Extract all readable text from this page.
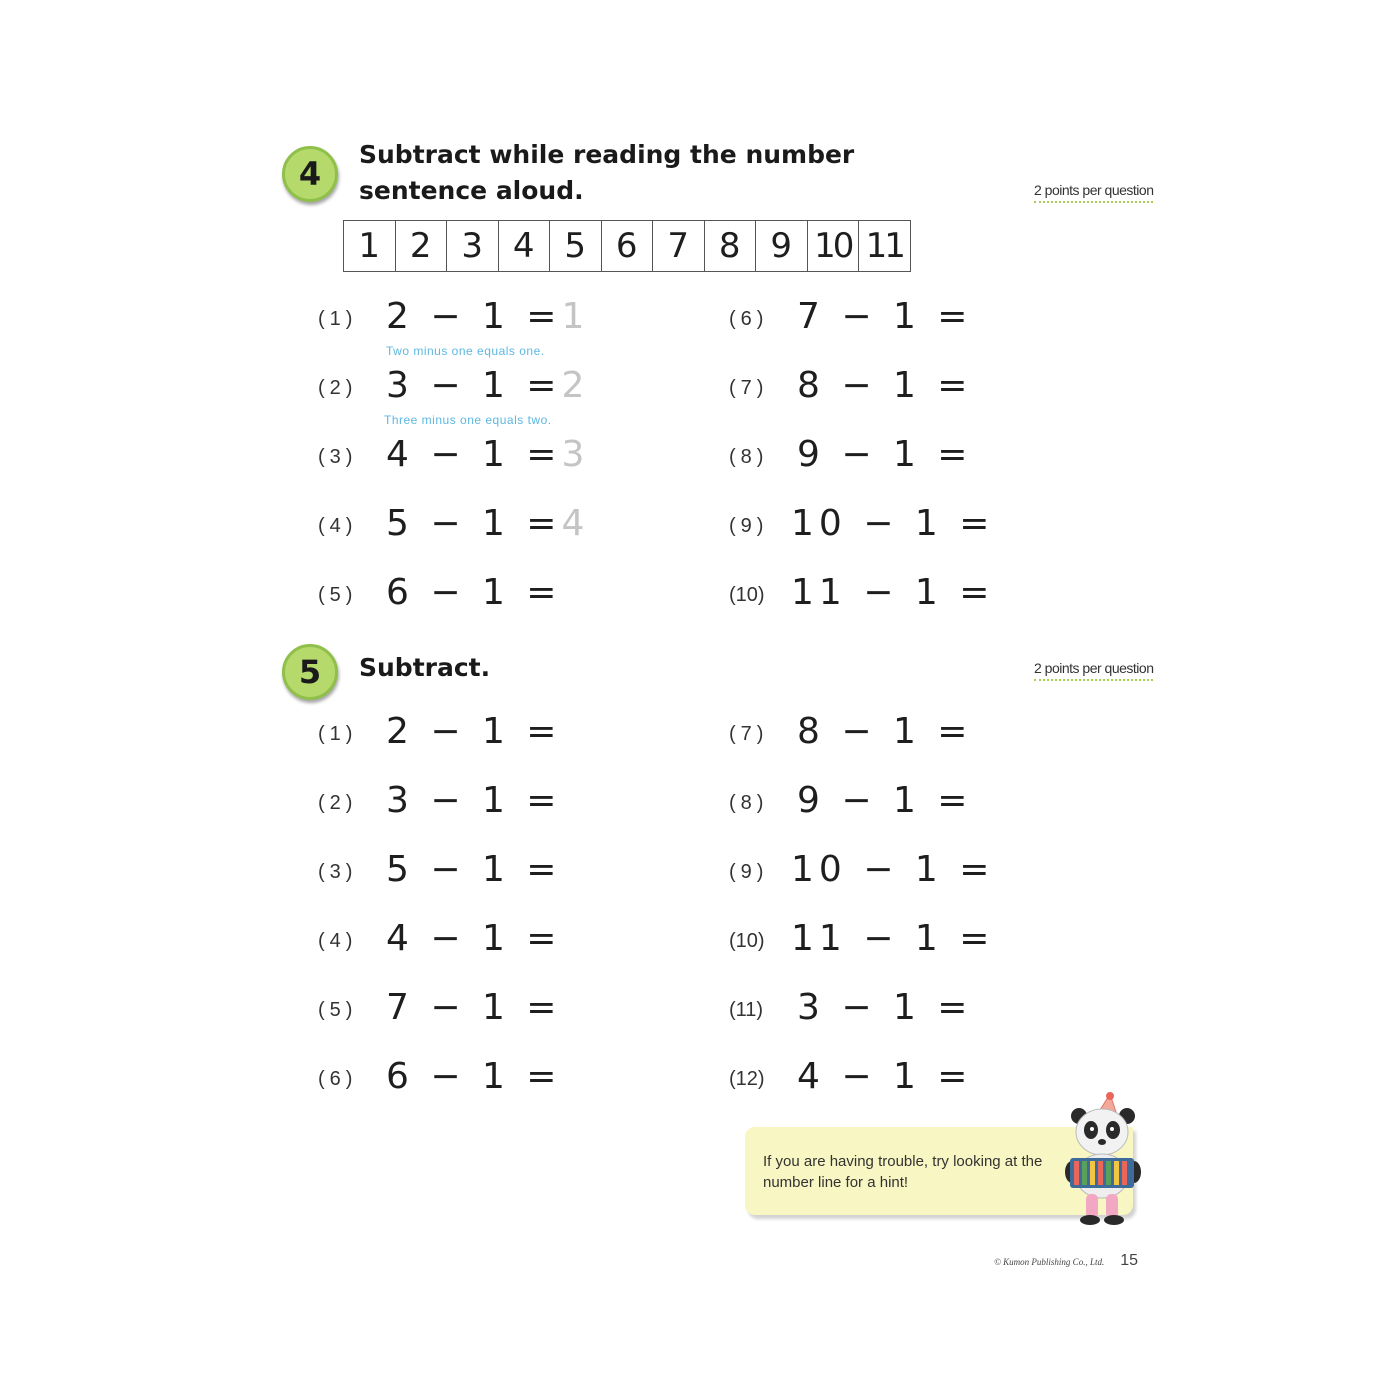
4

Subtract while reading the number
sentence aloud.	2 points per question
1 2 3 4 5 6 7 8 9 10 11
(1) 2 − 1 =1
Two minus one equals one.
(2) 3 − 1 =2
Three minus one equals two.
(3) 4 − 1 =3
(4) 5 − 1 =4
(5) 6 − 1 =
(6) 7 − 1 =
(7) 8 − 1 =
(8) 9 − 1 =
(9) 10 − 1 =
(10) 11 − 1 =
5	Subtract.	2 points per question
(1) 2 − 1 =
(2) 3 − 1 =
(3) 5 − 1 =
(4) 4 − 1 =
(5) 7 − 1 =
(6) 6 − 1 =
(7) 8 − 1 =
(8) 9 − 1 =
(9) 10 − 1 =
(10) 11 − 1 =
(11) 3 − 1 =
(12) 4 − 1 =

If you are having trouble, try looking at the number line for a hint!

© Kumon Publishing Co., Ltd. 15
